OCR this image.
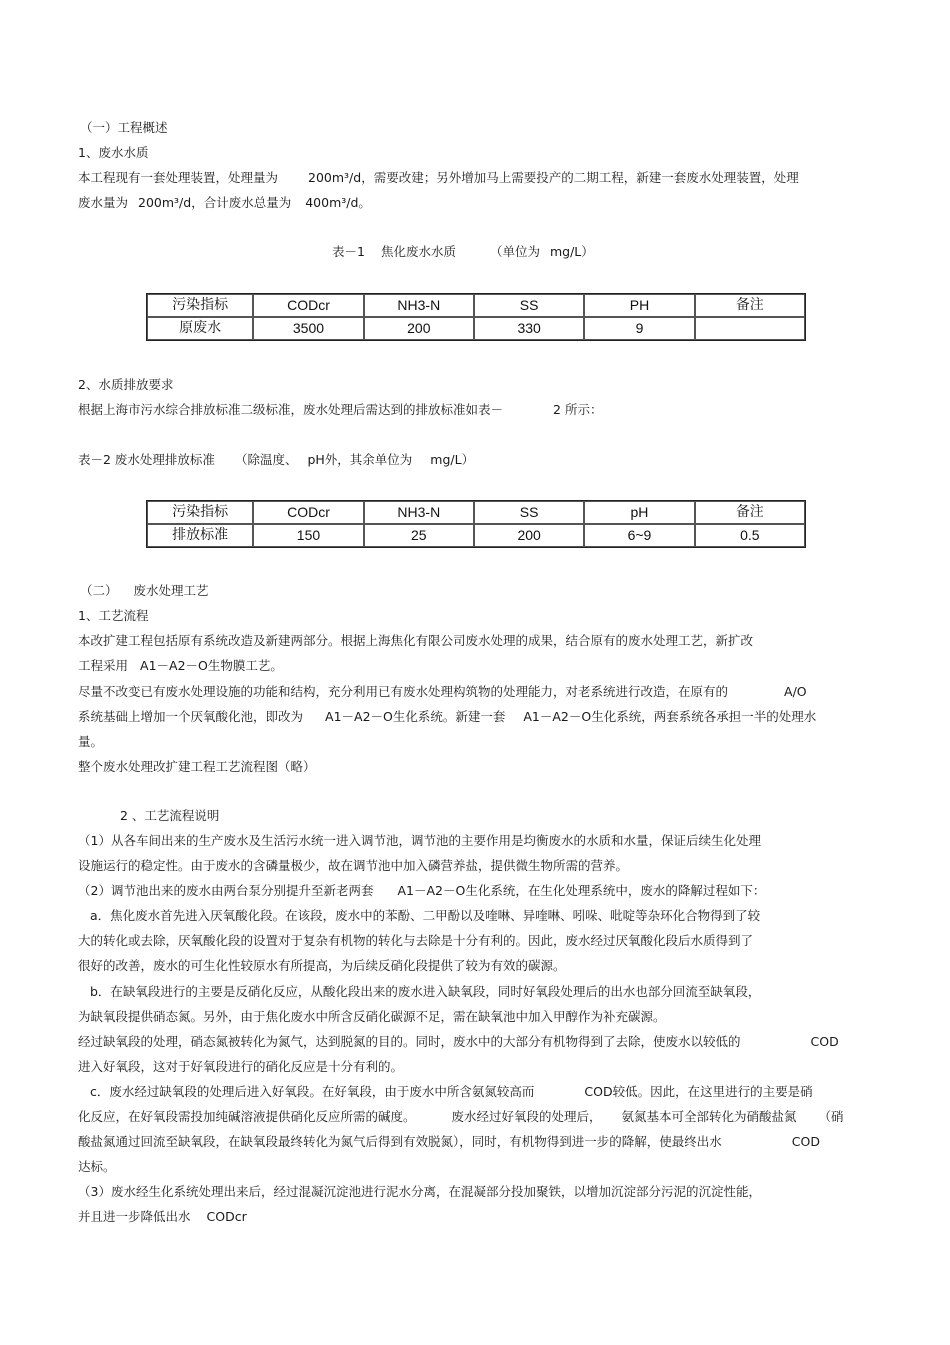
（一）工程概述
1、废水水质
本工程现有一套处理装置，处理量为 200m³/d，需要改建；另外增加马上需要投产的二期工程，新建一套废水处理装置，处理
废水量为 200m³/d，合计废水总量为 400m³/d。
表－1 焦化废水水质	（单位为 mg/L）
污染指标	CODcr	NH3-N	SS	PH	备注
原废水	3500	200	330	9	
2、水质排放要求
根据上海市污水综合排放标准二级标准，废水处理后需达到的排放标准如表－	2 所示：
表－2 废水处理排放标准 （除温度、 pH外，其余单位为 mg/L）
污染指标	CODcr	NH3-N	SS	pH	备注
排放标准	150	25	200	6~9	0.5
（二） 废水处理工艺
1、工艺流程
本改扩建工程包括原有系统改造及新建两部分。根据上海焦化有限公司废水处理的成果，结合原有的废水处理工艺，新扩改
工程采用 A1－A2－O生物膜工艺。
尽量不改变已有废水处理设施的功能和结构，充分利用已有废水处理构筑物的处理能力，对老系统进行改造，在原有的	A/O
系统基础上增加一个厌氧酸化池，即改为 A1－A2－O生化系统。新建一套 A1－A2－O生化系统，两套系统各承担一半的处理水
量。
整个废水处理改扩建工程工艺流程图（略）
2 、工艺流程说明
（1）从各车间出来的生产废水及生活污水统一进入调节池，调节池的主要作用是均衡废水的水质和水量，保证后续生化处理
设施运行的稳定性。由于废水的含磷量极少，故在调节池中加入磷营养盐，提供微生物所需的营养。
（2）调节池出来的废水由两台泵分别提升至新老两套 A1－A2－O生化系统，在生化处理系统中，废水的降解过程如下：
a．焦化废水首先进入厌氧酸化段。在该段，废水中的苯酚、二甲酚以及喹啉、异喹啉、吲哚、吡啶等杂环化合物得到了较
大的转化或去除，厌氧酸化段的设置对于复杂有机物的转化与去除是十分有利的。因此，废水经过厌氧酸化段后水质得到了
很好的改善，废水的可生化性较原水有所提高，为后续反硝化段提供了较为有效的碳源。
b．在缺氧段进行的主要是反硝化反应，从酸化段出来的废水进入缺氧段，同时好氧段处理后的出水也部分回流至缺氧段，
为缺氧段提供硝态氮。另外，由于焦化废水中所含反硝化碳源不足，需在缺氧池中加入甲醇作为补充碳源。
经过缺氧段的处理，硝态氮被转化为氮气，达到脱氮的目的。同时，废水中的大部分有机物得到了去除，使废水以较低的	COD
进入好氧段，这对于好氧段进行的硝化反应是十分有利的。
c．废水经过缺氧段的处理后进入好氧段。在好氧段，由于废水中所含氨氮较高而	COD较低。因此，在这里进行的主要是硝
化反应，在好氧段需投加纯碱溶液提供硝化反应所需的碱度。	废水经过好氧段的处理后， 氨氮基本可全部转化为硝酸盐氮 （硝
酸盐氮通过回流至缺氧段，在缺氧段最终转化为氮气后得到有效脱氮），同时，有机物得到进一步的降解，使最终出水	COD
达标。
（3）废水经生化系统处理出来后，经过混凝沉淀池进行泥水分离，在混凝部分投加聚铁，以增加沉淀部分污泥的沉淀性能，
并且进一步降低出水 CODcr
